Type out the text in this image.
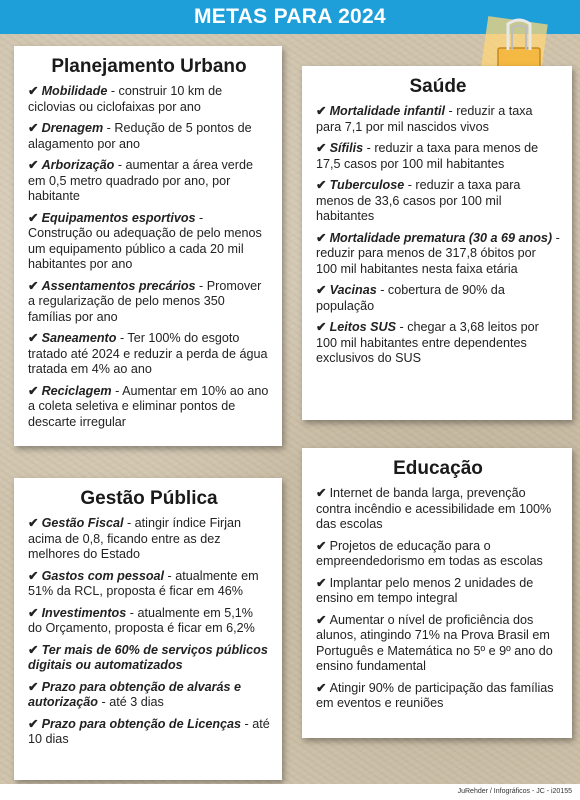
METAS PARA 2024
Planejamento Urbano
✔ Mobilidade - construir 10 km de ciclovias ou ciclofaixas por ano
✔ Drenagem - Redução de 5 pontos de alagamento por ano
✔ Arborização - aumentar a área verde em 0,5 metro quadrado por ano, por habitante
✔ Equipamentos esportivos - Construção ou adequação de pelo menos um equipamento público a cada 20 mil habitantes por ano
✔ Assentamentos precários - Promover a regularização de pelo menos 350 famílias por ano
✔ Saneamento - Ter 100% do esgoto tratado até 2024 e reduzir a perda de água tratada em 4% ao ano
✔ Reciclagem - Aumentar em 10% ao ano a coleta seletiva e eliminar pontos de descarte irregular
Saúde
✔ Mortalidade infantil - reduzir a taxa para 7,1 por mil nascidos vivos
✔ Sífilis - reduzir a taxa para menos de 17,5 casos por 100 mil habitantes
✔ Tuberculose - reduzir a taxa para menos de 33,6 casos por 100 mil habitantes
✔ Mortalidade prematura (30 a 69 anos) - reduzir para menos de 317,8 óbitos por 100 mil habitantes nesta faixa etária
✔ Vacinas - cobertura de 90% da população
✔ Leitos SUS - chegar a 3,68 leitos por 100 mil habitantes entre dependentes exclusivos do SUS
Gestão Pública
✔ Gestão Fiscal - atingir índice Firjan acima de 0,8, ficando entre as dez melhores do Estado
✔ Gastos com pessoal - atualmente em 51% da RCL, proposta é ficar em 46%
✔ Investimentos - atualmente em 5,1% do Orçamento, proposta é ficar em 6,2%
✔ Ter mais de 60% de serviços públicos digitais ou automatizados
✔ Prazo para obtenção de alvarás e autorização - até 3 dias
✔ Prazo para obtenção de Licenças - até 10 dias
Educação
✔ Internet de banda larga, prevenção contra incêndio e acessibilidade em 100% das escolas
✔ Projetos de educação para o empreendedorismo em todas as escolas
✔ Implantar pelo menos 2 unidades de ensino em tempo integral
✔ Aumentar o nível de proficiência dos alunos, atingindo 71% na Prova Brasil em Português e Matemática no 5º e 9º ano do ensino fundamental
✔ Atingir 90% de participação das famílias em eventos e reuniões
JuRehder / Infográficos - JC - i20155
